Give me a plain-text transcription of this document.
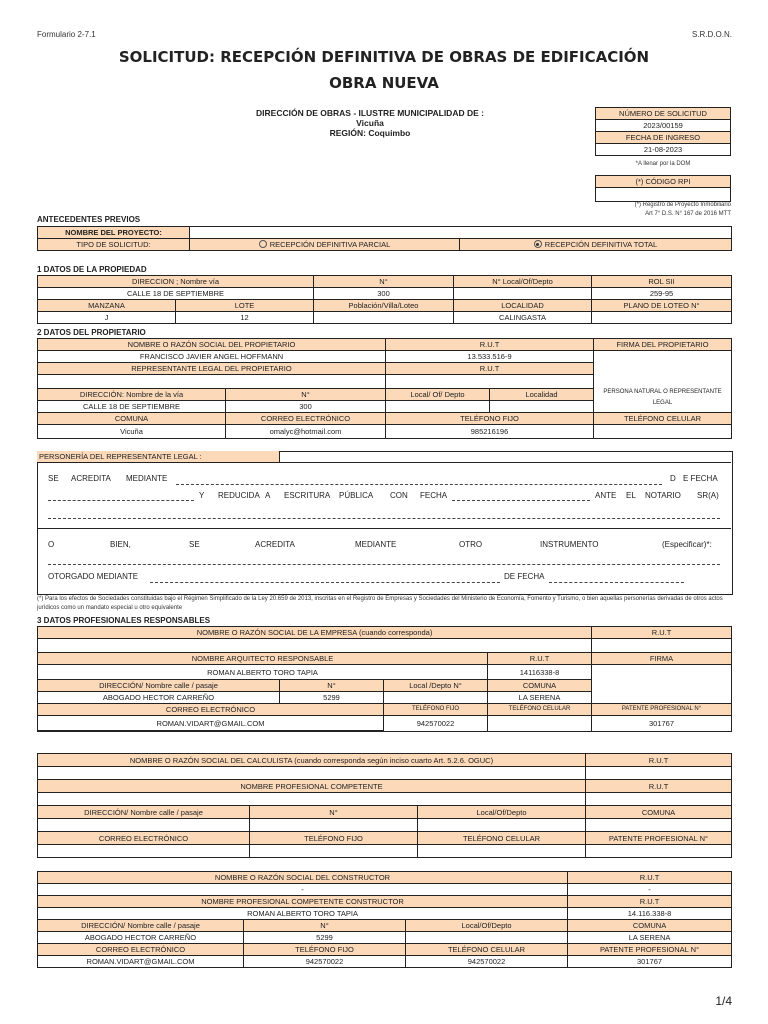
Formulario 2-7.1	S.R.D.O.N.
SOLICITUD: RECEPCIÓN DEFINITIVA DE OBRAS DE EDIFICACIÓN
OBRA NUEVA
DIRECCIÓN DE OBRAS - ILUSTRE MUNICIPALIDAD DE :
Vicuña
REGIÓN: Coquimbo
NÚMERO DE SOLICITUD
2023/00159
FECHA DE INGRESO
21-08-2023
*A llenar por la DOM
(*) CÓDIGO RPI

(*) Registro de Proyecto Inmobiliario
Art 7° D.S. N° 167 de 2016 MTT
ANTECEDENTES PREVIOS
NOMBRE DEL PROYECTO:		
TIPO DE SOLICITUD:	RECEPCIÓN DEFINITIVA PARCIAL	RECEPCIÓN DEFINITIVA TOTAL
1 DATOS DE LA PROPIEDAD
DIRECCION ; Nombre vía		N°	N° Local/Of/Depto	ROL SII
CALLE 18 DE SEPTIEMBRE		300		259-95
MANZANA	LOTE	Población/Villa/Loteo	LOCALIDAD	PLANO DE LOTEO N°
J	12		CALINGASTA	
2 DATOS DEL PROPIETARIO
NOMBRE O RAZÓN SOCIAL DEL PROPIETARIO		R.U.T		FIRMA DEL PROPIETARIO
FRANCISCO JAVIER ANGEL HOFFMANN		13.533.516-9		PERSONA NATURAL O REPRESENTANTE LEGAL
REPRESENTANTE LEGAL DEL PROPIETARIO		R.U.T		

DIRECCIÓN: Nombre de la vía	N°	Local/ Of/ Depto	Localidad	
CALLE 18 DE SEPTIEMBRE	300			
COMUNA	CORREO ELECTRÓNICO	TELÉFONO FIJO		TELÉFONO CELULAR
Vicuña	omalyc@hotmail.com	985216196		
PERSONERÍA DEL REPRESENTANTE LEGAL :
SE ACREDITA MEDIANTE	D E FECHA
Y REDUCIDA A ESCRITURA PÚBLICA CON FECHA	ANTE EL NOTARIO SR(A)
O	BIEN,	SE	ACREDITA	MEDIANTE	OTRO	INSTRUMENTO	(Especificar)*:
OTORGADO MEDIANTE	DE FECHA
(*) Para los efectos de Sociedades constituidas bajo el Régimen Simplificado de la Ley 20.659 de 2013, inscritas en el Registro de Empresas y Sociedades del Ministerio de Economía, Fomento y Turismo, o bien aquellas personerías derivadas de otros actos jurídicos como un mandato especial u otro equivalente
3 DATOS PROFESIONALES RESPONSABLES
NOMBRE O RAZÓN SOCIAL DE LA EMPRESA (cuando corresponda)				R.U.T

NOMBRE ARQUITECTO RESPONSABLE			R.U.T	FIRMA
ROMAN ALBERTO TORO TAPIA			14116338-8	
DIRECCIÓN/ Nombre calle / pasaje	N°	Local /Depto N°	COMUNA	
ABOGADO HECTOR CARREÑO	5299		LA SERENA	
CORREO ELECTRÓNICO		TELÉFONO FIJO	TELÉFONO CELULAR	PATENTE PROFESIONAL N°
ROMAN.VIDART@GMAIL.COM		942570022		301767
NOMBRE O RAZÓN SOCIAL DEL CALCULISTA (cuando corresponda según inciso cuarto Art. 5.2.6. OGUC)			R.U.T

NOMBRE PROFESIONAL COMPETENTE			R.U.T

DIRECCIÓN/ Nombre calle / pasaje	N°	Local/Of/Depto	COMUNA

CORREO ELECTRÓNICO	TELÉFONO FIJO	TELÉFONO CELULAR	PATENTE PROFESIONAL N°

NOMBRE O RAZÓN SOCIAL DEL CONSTRUCTOR			R.U.T
-			-
NOMBRE PROFESIONAL COMPETENTE CONSTRUCTOR			R.U.T
ROMAN ALBERTO TORO TAPIA			14.116.338-8
DIRECCIÓN/ Nombre calle / pasaje	N°	Local/Of/Depto	COMUNA
ABOGADO HECTOR CARREÑO	5299		LA SERENA
CORREO ELECTRÓNICO	TELÉFONO FIJO	TELÉFONO CELULAR	PATENTE PROFESIONAL N°
ROMAN.VIDART@GMAIL.COM	942570022	942570022	301767
1/4
